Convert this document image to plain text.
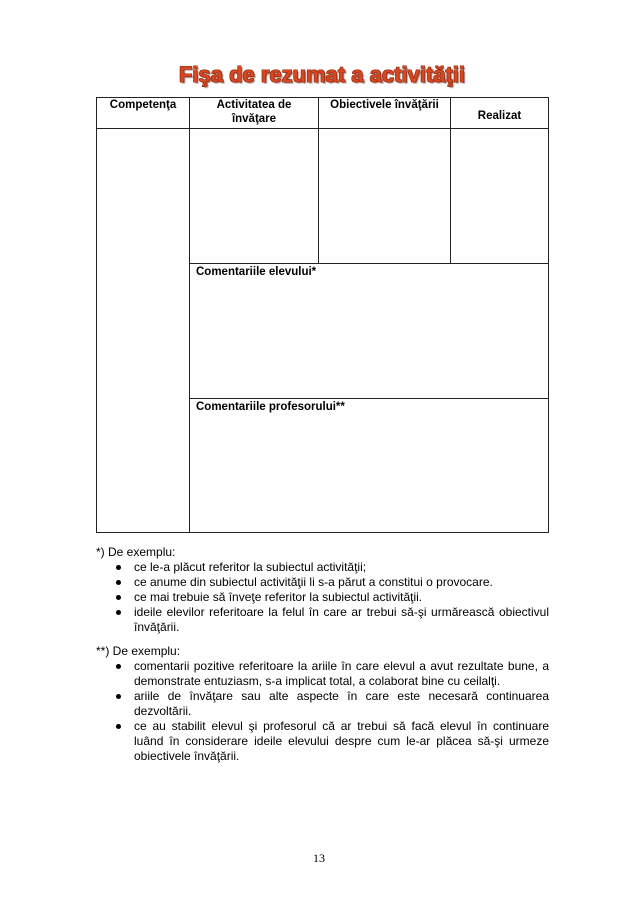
Fişa de rezumat a activităţii
Competenţa	Activitatea de învăţare
Obiectivele învăţării
Realizat
Comentariile elevului*
Comentariile profesorului**
*) De exemplu:
ce le-a plăcut referitor la subiectul activităţii;
ce anume din subiectul activităţii li s-a părut a constitui o provocare.
ce mai trebuie să înveţe referitor la subiectul activităţii.
ideile elevilor referitoare la felul în care ar trebui să-şi urmărească obiectivul
învăţării.
**) De exemplu:
comentarii pozitive referitoare la ariile în care elevul a avut rezultate bune, a
demonstrate entuziasm, s-a implicat total, a colaborat bine cu ceilalţi.
ariile de învăţare sau alte aspecte în care este necesară continuarea
dezvoltării.
ce au stabilit elevul şi profesorul că ar trebui să facă elevul în continuare
luând în considerare ideile elevului despre cum le-ar plăcea să-şi urmeze
obiectivele învăţării.
13
